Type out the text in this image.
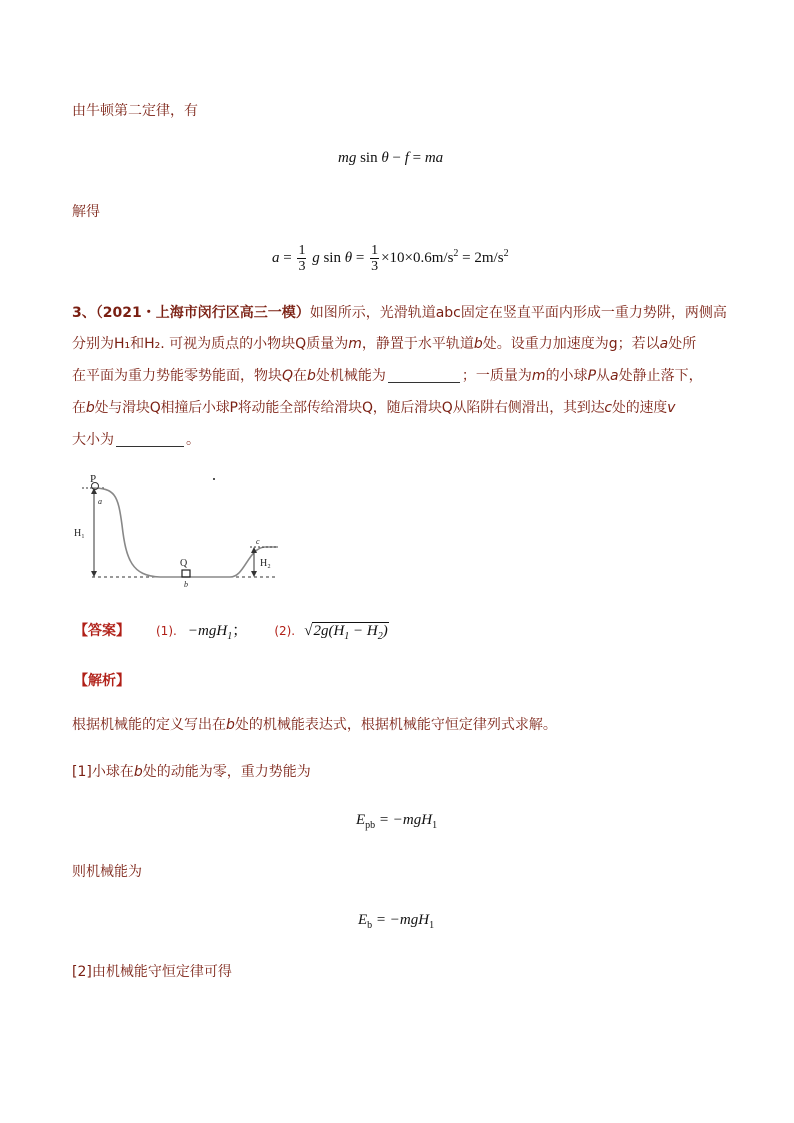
由牛顿第二定律，有
mg sin θ − f = ma
解得
$a = \frac{1}{3}$ g $\sin \theta = \frac{1}{3} \times 10\times 0.6m/s^2 = 2m/s^2$
3、（2021・上海市闵行区高三一模）如图所示，光滑轨道abc固定在竖直平面内形成一重力势阱，两侧高
分别为H₁和H₂. 可视为质点的小物块Q质量为m，静置于水平轨道b处。设重力加速度为g；若以a处所
在平面为重力势能零势能面，物块Q在b处机械能为	；一质量为m的小球P从a处静止落下，
在b处与滑块Q相撞后小球P将动能全部传给滑块Q，随后滑块Q从陷阱右侧滑出，其到达c处的速度v
大小为	。
P
a
H₁
Q
b
c
H₂
【答案】 (1). −mgH$_1$； (2). $√2g(H_1 - H_2)$
【解析】
根据机械能的定义写出在b处的机械能表达式，根据机械能守恒定律列式求解。
[1]小球在b处的动能为零，重力势能为
$E_{pb} = -mgH_1$
则机械能为
$E_b = -mgH_1$
[2]由机械能守恒定律可得
